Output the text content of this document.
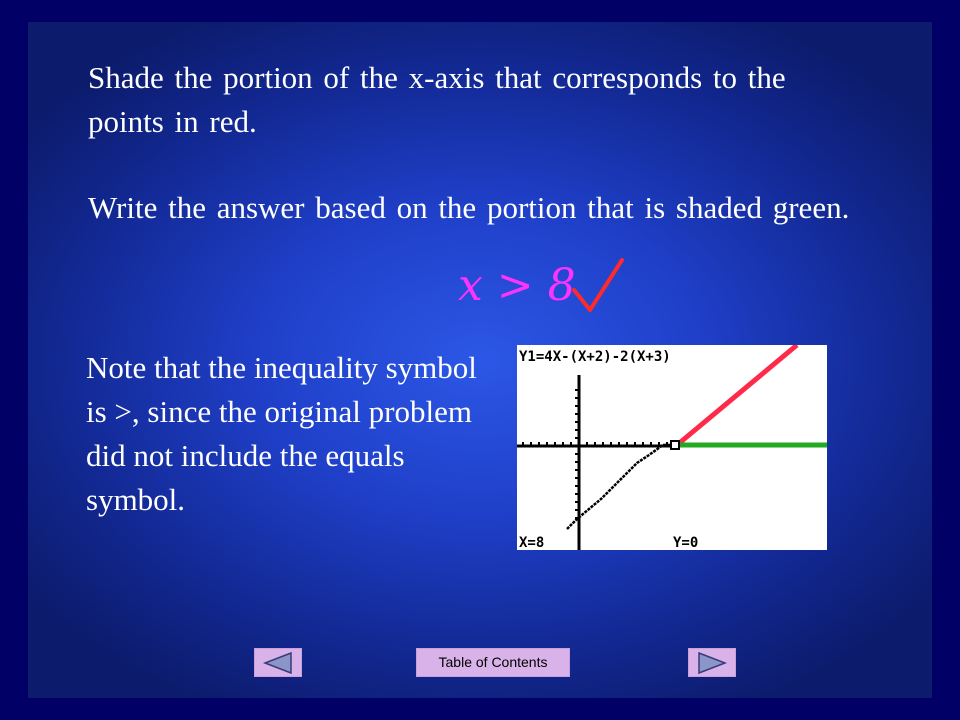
Shade the portion of the x-axis that corresponds to the points in red.
Write the answer based on the portion that is shaded green.
x > 8
Note that the inequality symbol is >, since the original problem did not include the equals symbol.
Y1=4X-(X+2)-2(X+3)
X=8	Y=0
Table of Contents
